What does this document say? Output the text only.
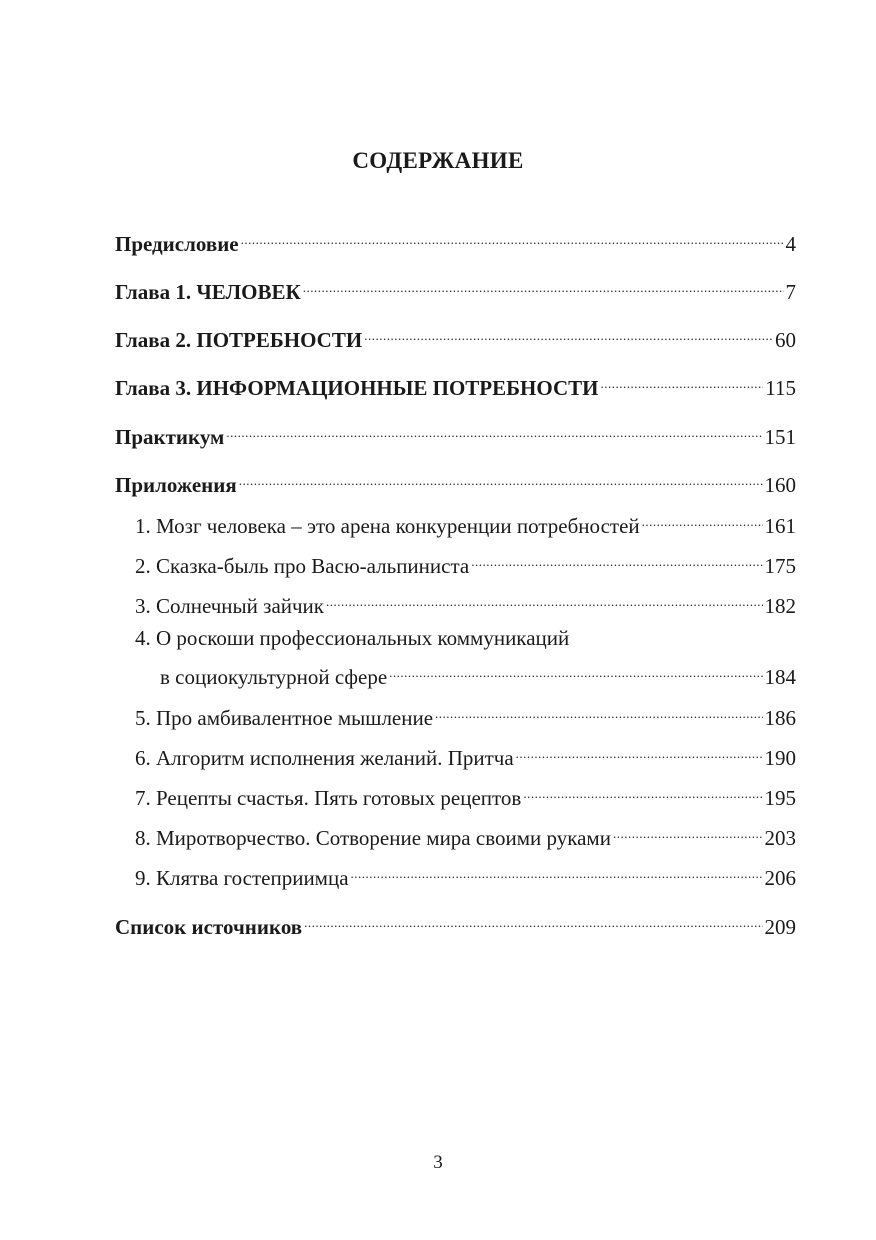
СОДЕРЖАНИЕ
Предисловие .....	4
Глава 1. ЧЕЛОВЕК .....	7
Глава 2. ПОТРЕБНОСТИ .....	60
Глава 3. ИНФОРМАЦИОННЫЕ ПОТРЕБНОСТИ .....	115
Практикум .....	151
Приложения .....	160
1. Мозг человека – это арена конкуренции потребностей .....	161
2. Сказка-быль про Васю-альпиниста .....	175
3. Солнечный зайчик .....	182
4. О роскоши профессиональных коммуникаций
в социокультурной сфере .....	184
5. Про амбивалентное мышление .....	186
6. Алгоритм исполнения желаний. Притча .....	190
7. Рецепты счастья. Пять готовых рецептов .....	195
8. Миротворчество. Сотворение мира своими руками .....	203
9. Клятва гостеприимца .....	206
Список источников .....	209
3
